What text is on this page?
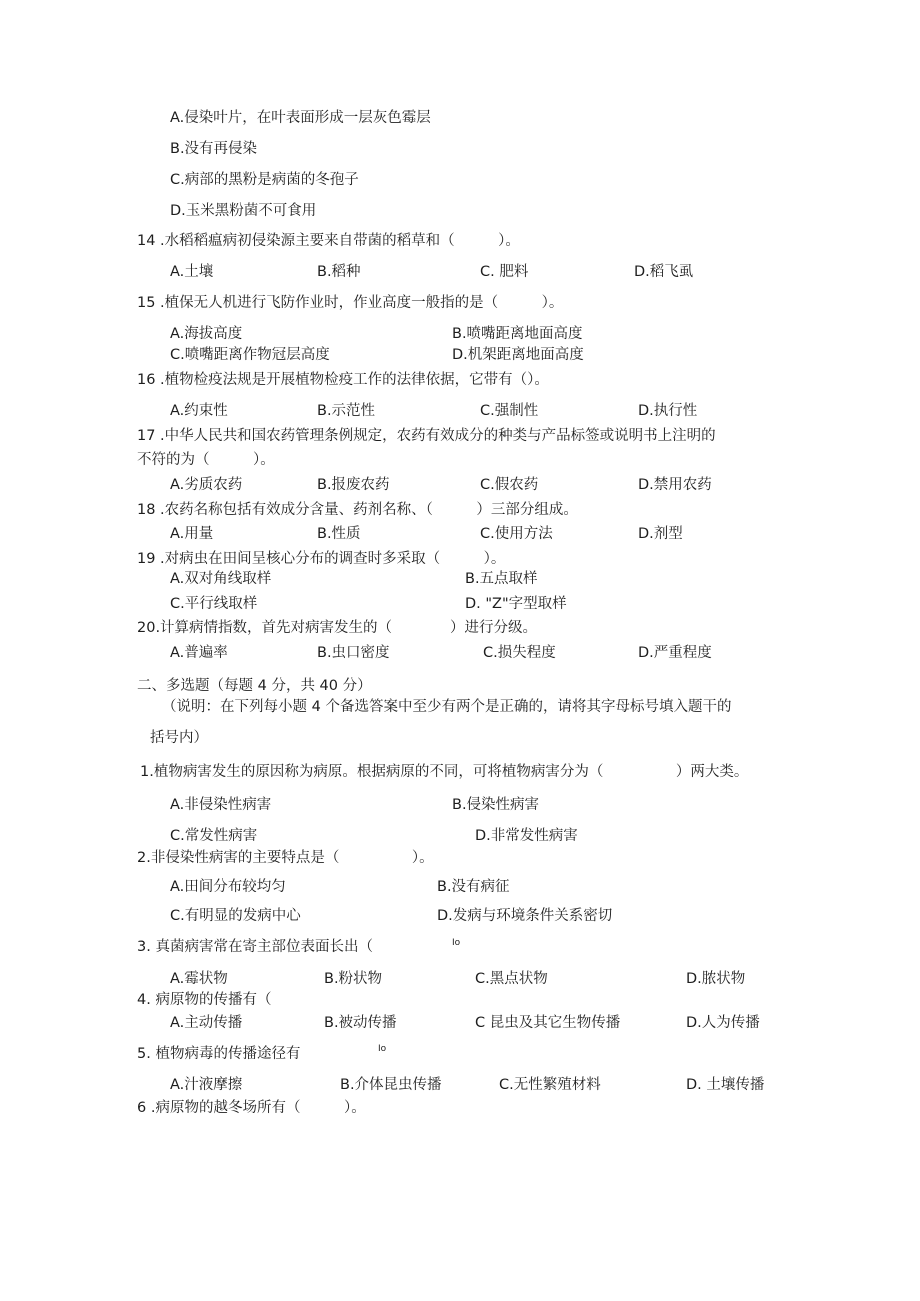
A.侵染叶片，在叶表面形成一层灰色霉层
B.没有再侵染
C.病部的黑粉是病菌的冬孢子
D.玉米黑粉菌不可食用
14 .水稻稻瘟病初侵染源主要来自带菌的稻草和（　　　）。
A.土壤	B.稻种	C. 肥料	D.稻飞虱
15 .植保无人机进行飞防作业时，作业高度一般指的是（　　　）。
A.海拔高度	B.喷嘴距离地面高度
C.喷嘴距离作物冠层高度	D.机架距离地面高度
16 .植物检疫法规是开展植物检疫工作的法律依据，它带有（）。
A.约束性	B.示范性	C.强制性	D.执行性
17 .中华人民共和国农药管理条例规定，农药有效成分的种类与产品标签或说明书上注明的
不符的为（　　　）。
A.劣质农药	B.报废农药	C.假农药	D.禁用农药
18 .农药名称包括有效成分含量、药剂名称、（　　　）三部分组成。
A.用量	B.性质	C.使用方法	D.剂型
19 .对病虫在田间呈核心分布的调查时多采取（　　　）。
A.双对角线取样	B.五点取样
C.平行线取样	D. "Z"字型取样
20.计算病情指数，首先对病害发生的（　　　　）进行分级。
A.普遍率	B.虫口密度	C.损失程度	D.严重程度
二、多选题（每题 4 分，共 40 分）
（说明：在下列每小题 4 个备选答案中至少有两个是正确的，请将其字母标号填入题干的
括号内）
1.植物病害发生的原因称为病原。根据病原的不同，可将植物病害分为（　　　　　）两大类。
A.非侵染性病害	B.侵染性病害
C.常发性病害	D.非常发性病害
2.非侵染性病害的主要特点是（　　　　　）。
A.田间分布较均匀	B.没有病征
C.有明显的发病中心	D.发病与环境条件关系密切
3. 真菌病害常在寄主部位表面长出（	Io
A.霉状物	B.粉状物	C.黑点状物	D.脓状物
4. 病原物的传播有（
A.主动传播	B.被动传播	C 昆虫及其它生物传播	D.人为传播
5. 植物病毒的传播途径有	Io
A.汁液摩擦	B.介体昆虫传播	C.无性繁殖材料	D. 土壤传播
6 .病原物的越冬场所有（　　　）。
